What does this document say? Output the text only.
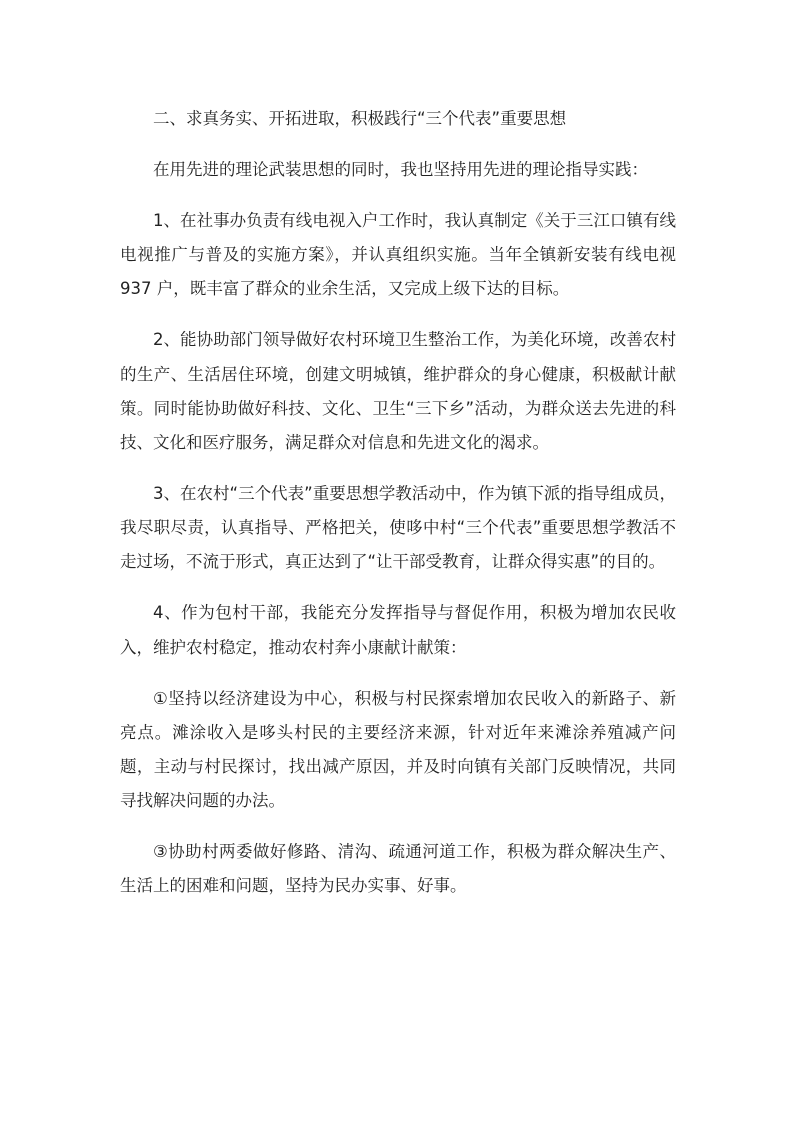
二、求真务实、开拓进取，积极践行“三个代表”重要思想

在用先进的理论武装思想的同时，我也坚持用先进的理论指导实践：

1、在社事办负责有线电视入户工作时，我认真制定《关于三江口镇有线电视推广与普及的实施方案》，并认真组织实施。当年全镇新安装有线电视 937 户，既丰富了群众的业余生活，又完成上级下达的目标。

2、能协助部门领导做好农村环境卫生整治工作，为美化环境，改善农村的生产、生活居住环境，创建文明城镇，维护群众的身心健康，积极献计献策。同时能协助做好科技、文化、卫生“三下乡”活动，为群众送去先进的科技、文化和医疗服务，满足群众对信息和先进文化的渴求。

3、在农村“三个代表”重要思想学教活动中，作为镇下派的指导组成员，我尽职尽责，认真指导、严格把关，使哆中村“三个代表”重要思想学教活不走过场，不流于形式，真正达到了“让干部受教育，让群众得实惠”的目的。

4、作为包村干部，我能充分发挥指导与督促作用，积极为增加农民收入，维护农村稳定，推动农村奔小康献计献策：

①坚持以经济建设为中心，积极与村民探索增加农民收入的新路子、新亮点。滩涂收入是哆头村民的主要经济来源，针对近年来滩涂养殖减产问题，主动与村民探讨，找出减产原因，并及时向镇有关部门反映情况，共同寻找解决问题的办法。

③协助村两委做好修路、清沟、疏通河道工作，积极为群众解决生产、生活上的困难和问题，坚持为民办实事、好事。
